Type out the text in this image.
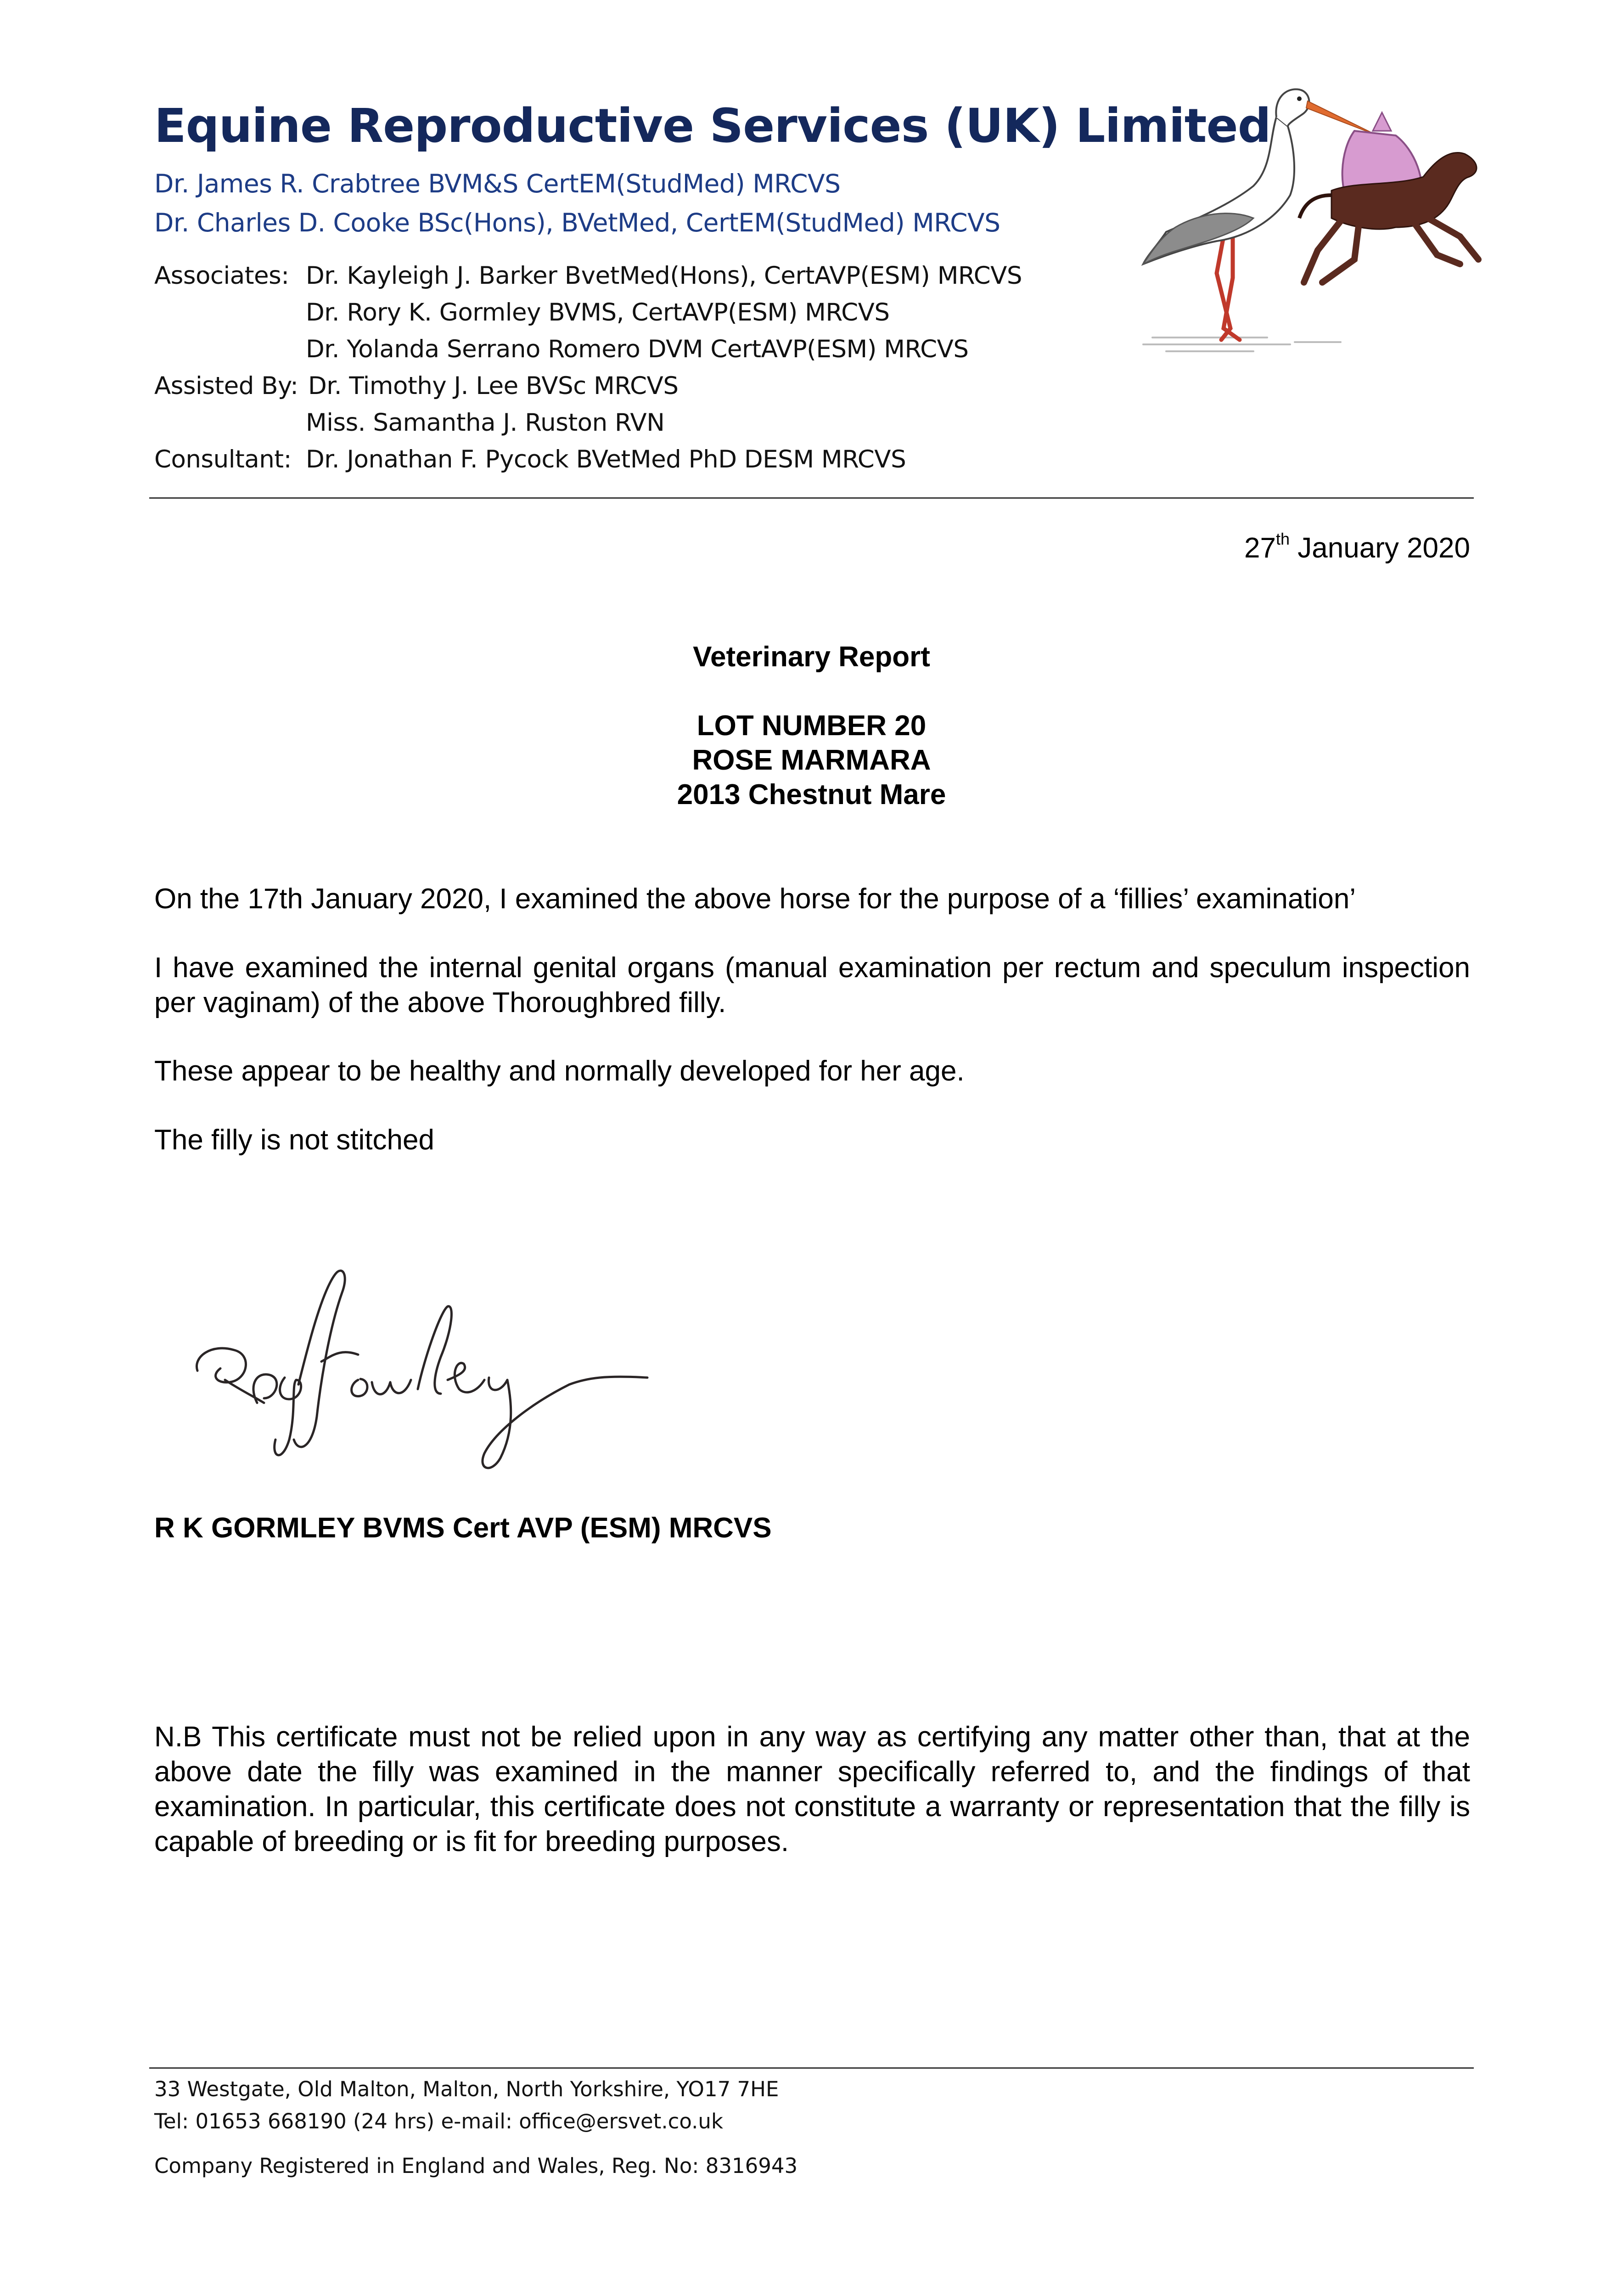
Equine Reproductive Services (UK) Limited
Dr. James R. Crabtree BVM&S CertEM(StudMed) MRCVS
Dr. Charles D. Cooke BSc(Hons), BVetMed, CertEM(StudMed) MRCVS
Associates: Dr. Kayleigh J. Barker BvetMed(Hons), CertAVP(ESM) MRCVS
Dr. Rory K. Gormley BVMS, CertAVP(ESM) MRCVS
Dr. Yolanda Serrano Romero DVM CertAVP(ESM) MRCVS
Assisted By: Dr. Timothy J. Lee BVSc MRCVS
Miss. Samantha J. Ruston RVN
Consultant: Dr. Jonathan F. Pycock BVetMed PhD DESM MRCVS
27th January 2020
Veterinary Report
LOT NUMBER 20
ROSE MARMARA
2013 Chestnut Mare
On the 17th January 2020, I examined the above horse for the purpose of a ‘fillies’ examination’
I have examined the internal genital organs (manual examination per rectum and speculum inspection per vaginam) of the above Thoroughbred filly.
These appear to be healthy and normally developed for her age.
The filly is not stitched
R K GORMLEY BVMS Cert AVP (ESM) MRCVS
N.B This certificate must not be relied upon in any way as certifying any matter other than, that at the above date the filly was examined in the manner specifically referred to, and the findings of that examination. In particular, this certificate does not constitute a warranty or representation that the filly is capable of breeding or is fit for breeding purposes.
33 Westgate, Old Malton, Malton, North Yorkshire, YO17 7HE
Tel: 01653 668190 (24 hrs) e-mail: office@ersvet.co.uk
Company Registered in England and Wales, Reg. No: 8316943
